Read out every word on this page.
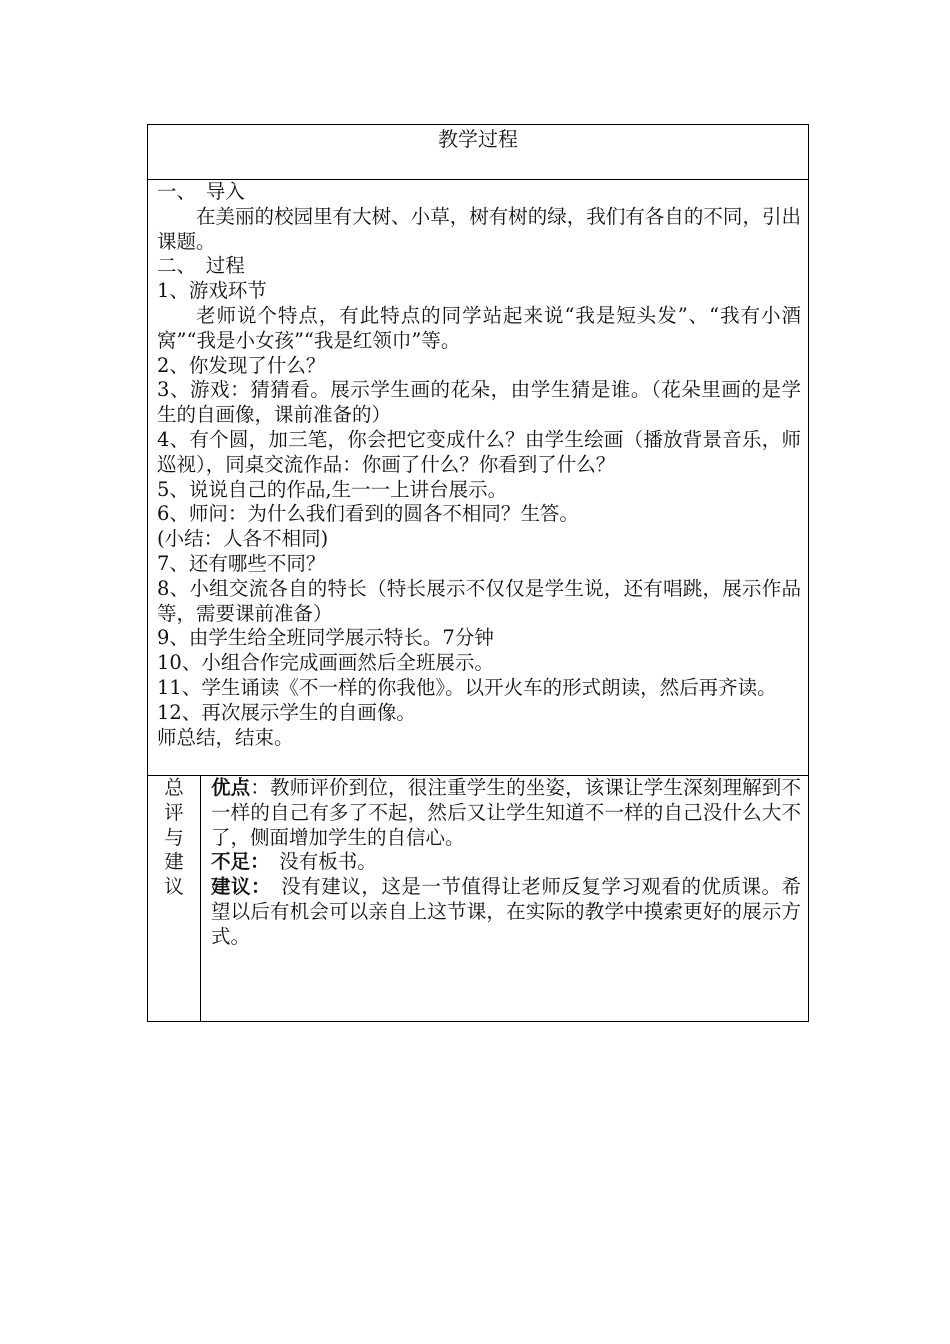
教学过程

一、　导入

在美丽的校园里有大树、小草，树有树的绿，我们有各自的不同，引出课题。

二、　过程

1、游戏环节

老师说个特点，有此特点的同学站起来说“我是短头发”、“我有小酒窝”“我是小女孩”“我是红领巾”等。

2、你发现了什么？

3、游戏：猜猜看。展示学生画的花朵，由学生猜是谁。（花朵里画的是学生的自画像，课前准备的）

4、有个圆，加三笔，你会把它变成什么？由学生绘画（播放背景音乐，师巡视），同桌交流作品：你画了什么？你看到了什么？

5、说说自己的作品,生一一上讲台展示。

6、师问：为什么我们看到的圆各不相同？生答。

(小结：人各不相同)

7、还有哪些不同？

8、小组交流各自的特长（特长展示不仅仅是学生说，还有唱跳，展示作品等，需要课前准备）

9、由学生给全班同学展示特长。7分钟

10、小组合作完成画画然后全班展示。

11、学生诵读《不一样的你我他》。以开火车的形式朗读，然后再齐读。

12、再次展示学生的自画像。

师总结，结束。

总
评
与
建
议

优点：教师评价到位，很注重学生的坐姿，该课让学生深刻理解到不一样的自己有多了不起，然后又让学生知道不一样的自己没什么大不了，侧面增加学生的自信心。

不足：　没有板书。

建议：　没有建议，这是一节值得让老师反复学习观看的优质课。希望以后有机会可以亲自上这节课，在实际的教学中摸索更好的展示方式。
